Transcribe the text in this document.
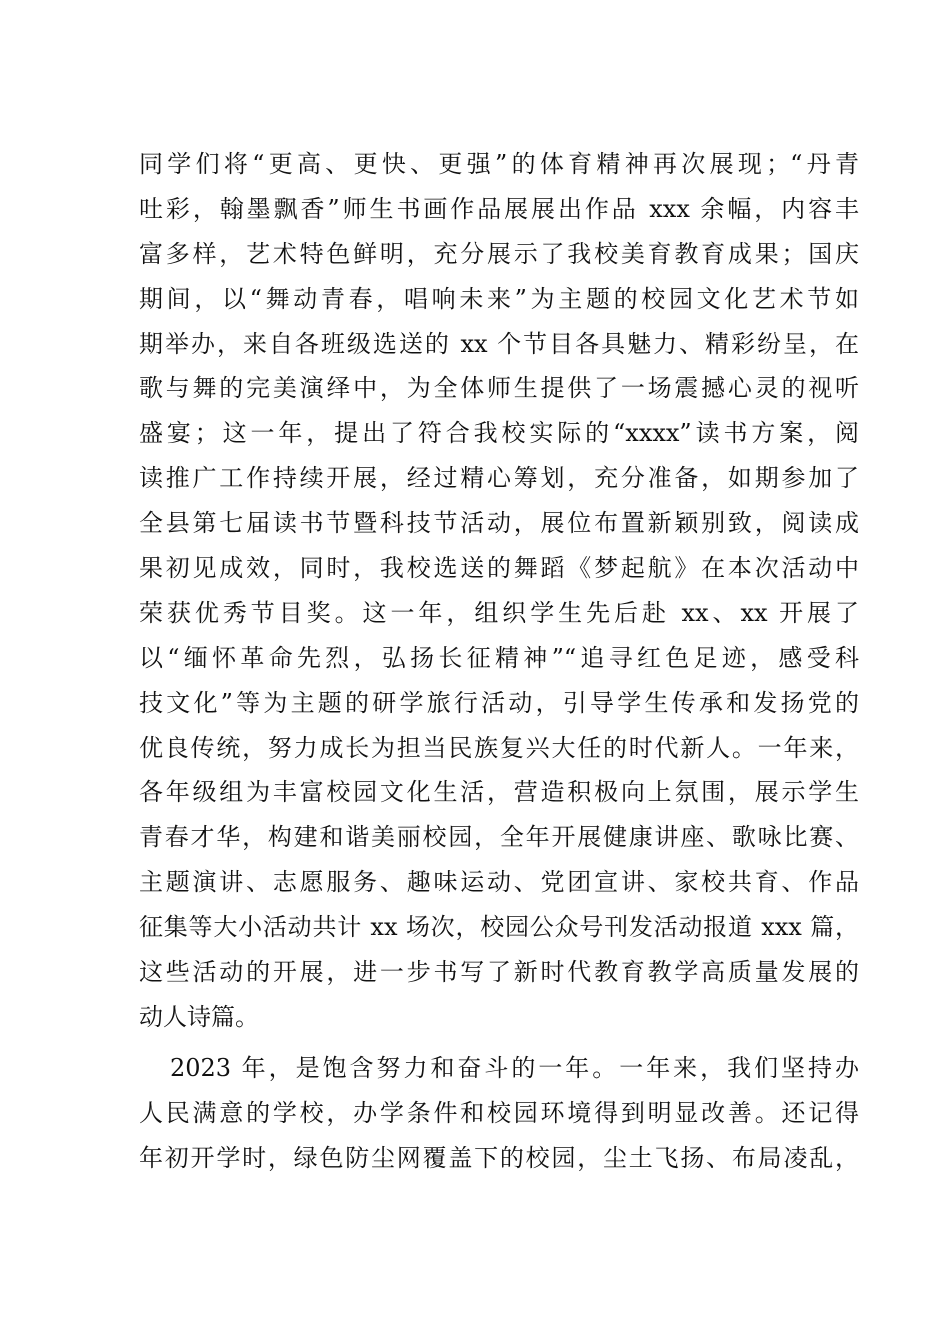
同学们将“更高、更快、更强”的体育精神再次展现；“丹青
吐彩，翰墨飘香”师生书画作品展展出作品 xxx 余幅，内容丰
富多样，艺术特色鲜明，充分展示了我校美育教育成果；国庆
期间，以“舞动青春，唱响未来”为主题的校园文化艺术节如
期举办，来自各班级选送的 xx 个节目各具魅力、精彩纷呈，在
歌与舞的完美演绎中，为全体师生提供了一场震撼心灵的视听
盛宴；这一年，提出了符合我校实际的“xxxx”读书方案，阅
读推广工作持续开展，经过精心筹划，充分准备，如期参加了
全县第七届读书节暨科技节活动，展位布置新颖别致，阅读成
果初见成效，同时，我校选送的舞蹈《梦起航》在本次活动中
荣获优秀节目奖。这一年，组织学生先后赴 xx、xx 开展了
以“缅怀革命先烈，弘扬长征精神”“追寻红色足迹，感受科
技文化”等为主题的研学旅行活动，引导学生传承和发扬党的
优良传统，努力成长为担当民族复兴大任的时代新人。一年来，
各年级组为丰富校园文化生活，营造积极向上氛围，展示学生
青春才华，构建和谐美丽校园，全年开展健康讲座、歌咏比赛、
主题演讲、志愿服务、趣味运动、党团宣讲、家校共育、作品
征集等大小活动共计 xx 场次，校园公众号刊发活动报道 xxx 篇，
这些活动的开展，进一步书写了新时代教育教学高质量发展的
动人诗篇。
2023 年，是饱含努力和奋斗的一年。一年来，我们坚持办
人民满意的学校，办学条件和校园环境得到明显改善。还记得
年初开学时，绿色防尘网覆盖下的校园，尘土飞扬、布局凌乱，
